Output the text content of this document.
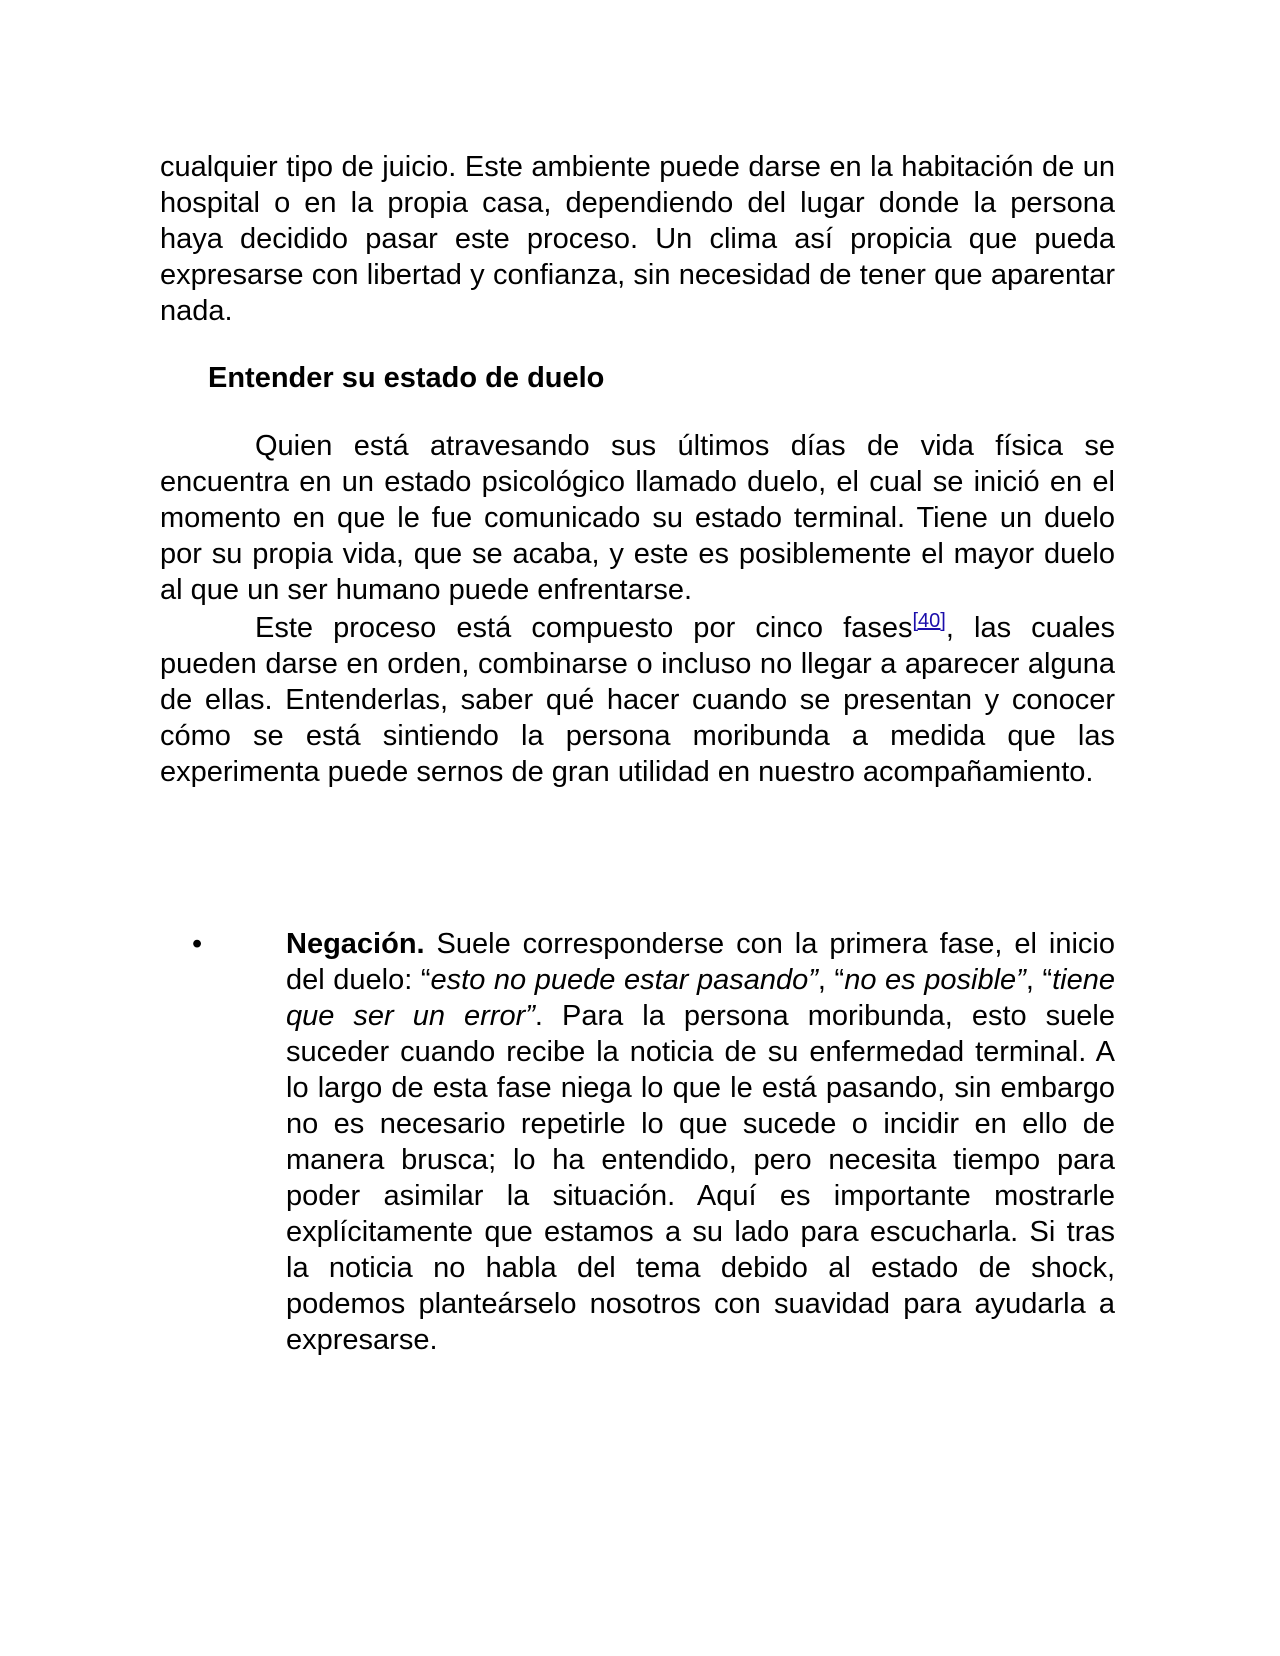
cualquier tipo de juicio. Este ambiente puede darse en la habitación de un hospital o en la propia casa, dependiendo del lugar donde la persona haya decidido pasar este proceso. Un clima así propicia que pueda expresarse con libertad y confianza, sin necesidad de tener que aparentar nada.

Entender su estado de duelo

Quien está atravesando sus últimos días de vida física se encuentra en un estado psicológico llamado duelo, el cual se inició en el momento en que le fue comunicado su estado terminal. Tiene un duelo por su propia vida, que se acaba, y este es posiblemente el mayor duelo al que un ser humano puede enfrentarse.

Este proceso está compuesto por cinco fases[40], las cuales pueden darse en orden, combinarse o incluso no llegar a aparecer alguna de ellas. Entenderlas, saber qué hacer cuando se presentan y conocer cómo se está sintiendo la persona moribunda a medida que las experimenta puede sernos de gran utilidad en nuestro acompañamiento.

•	Negación. Suele corresponderse con la primera fase, el inicio del duelo: “esto no puede estar pasando”, “no es posible”, “tiene que ser un error”. Para la persona moribunda, esto suele suceder cuando recibe la noticia de su enfermedad terminal. A lo largo de esta fase niega lo que le está pasando, sin embargo no es necesario repetirle lo que sucede o incidir en ello de manera brusca; lo ha entendido, pero necesita tiempo para poder asimilar la situación. Aquí es importante mostrarle explícitamente que estamos a su lado para escucharla. Si tras la noticia no habla del tema debido al estado de shock, podemos planteárselo nosotros con suavidad para ayudarla a expresarse.
